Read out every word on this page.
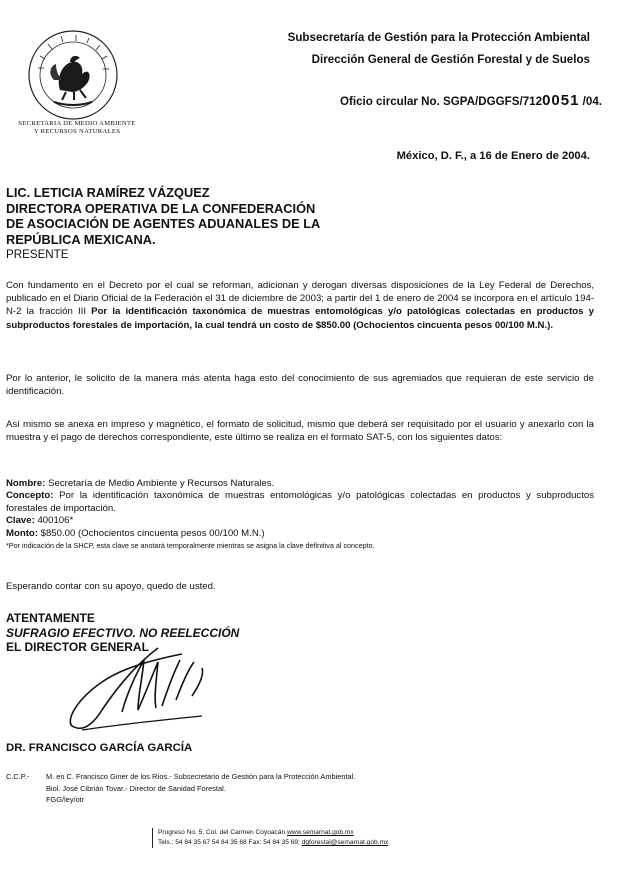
SECRETARIA DE MEDIO AMBIENTE
Y RECURSOS NATURALES
Subsecretaría de Gestión para la Protección Ambiental
Dirección General de Gestión Forestal y de Suelos
Oficio circular No. SGPA/DGGFS/7120051 /04.
México, D. F., a 16 de Enero de 2004.
LIC. LETICIA RAMÍREZ VÁZQUEZ
DIRECTORA OPERATIVA DE LA CONFEDERACIÓN
DE ASOCIACIÓN DE AGENTES ADUANALES DE LA
REPÚBLICA MEXICANA.
PRESENTE
Con fundamento en el Decreto por el cual se reforman, adicionan y derogan diversas disposiciones de la Ley Federal de Derechos, publicado en el Diario Oficial de la Federación el 31 de diciembre de 2003; a partir del 1 de enero de 2004 se incorpora en el artículo 194-N-2 la fracción III Por la identificación taxonómica de muestras entomológicas y/o patológicas colectadas en productos y subproductos forestales de importación, la cual tendrá un costo de $850.00 (Ochocientos cincuenta pesos 00/100 M.N.).
Por lo anterior, le solicito de la manera más atenta haga esto del conocimiento de sus agremiados que requieran de este servicio de identificación.
Así mismo se anexa en impreso y magnético, el formato de solicitud, mismo que deberá ser requisitado por el usuario y anexarlo con la muestra y el pago de derechos correspondiente, este último se realiza en el formato SAT-5, con los siguientes datos:
Nombre: Secretaría de Medio Ambiente y Recursos Naturales.
Concepto: Por la identificación taxonómica de muestras entomológicas y/o patológicas colectadas en productos y subproductos forestales de importación.
Clave: 400106*
Monto: $850.00 (Ochocientos cincuenta pesos 00/100 M.N.)
*Por indicación de la SHCP, esta clave se anotará temporalmente mientras se asigna la clave definitiva al concepto.
Esperando contar con su apoyo, quedo de usted.
ATENTAMENTE
SUFRAGIO EFECTIVO. NO REELECCIÓN
EL DIRECTOR GENERAL
DR. FRANCISCO GARCÍA GARCÍA
C.C.P.- M. en C. Francisco Giner de los Ríos.- Subsecretario de Gestión para la Protección Ambiental.
Biol. José Cibrián Tovar.- Director de Sanidad Forestal.
FGG/ley/otr
Progreso No. 5, Col. del Carmen Coyoacán www.semarnat.gob.mx
Tels.: 54 84 35 67 54 84 35 68 Fax: 54 84 35 69; dgforestal@semarnat.gob.mx
